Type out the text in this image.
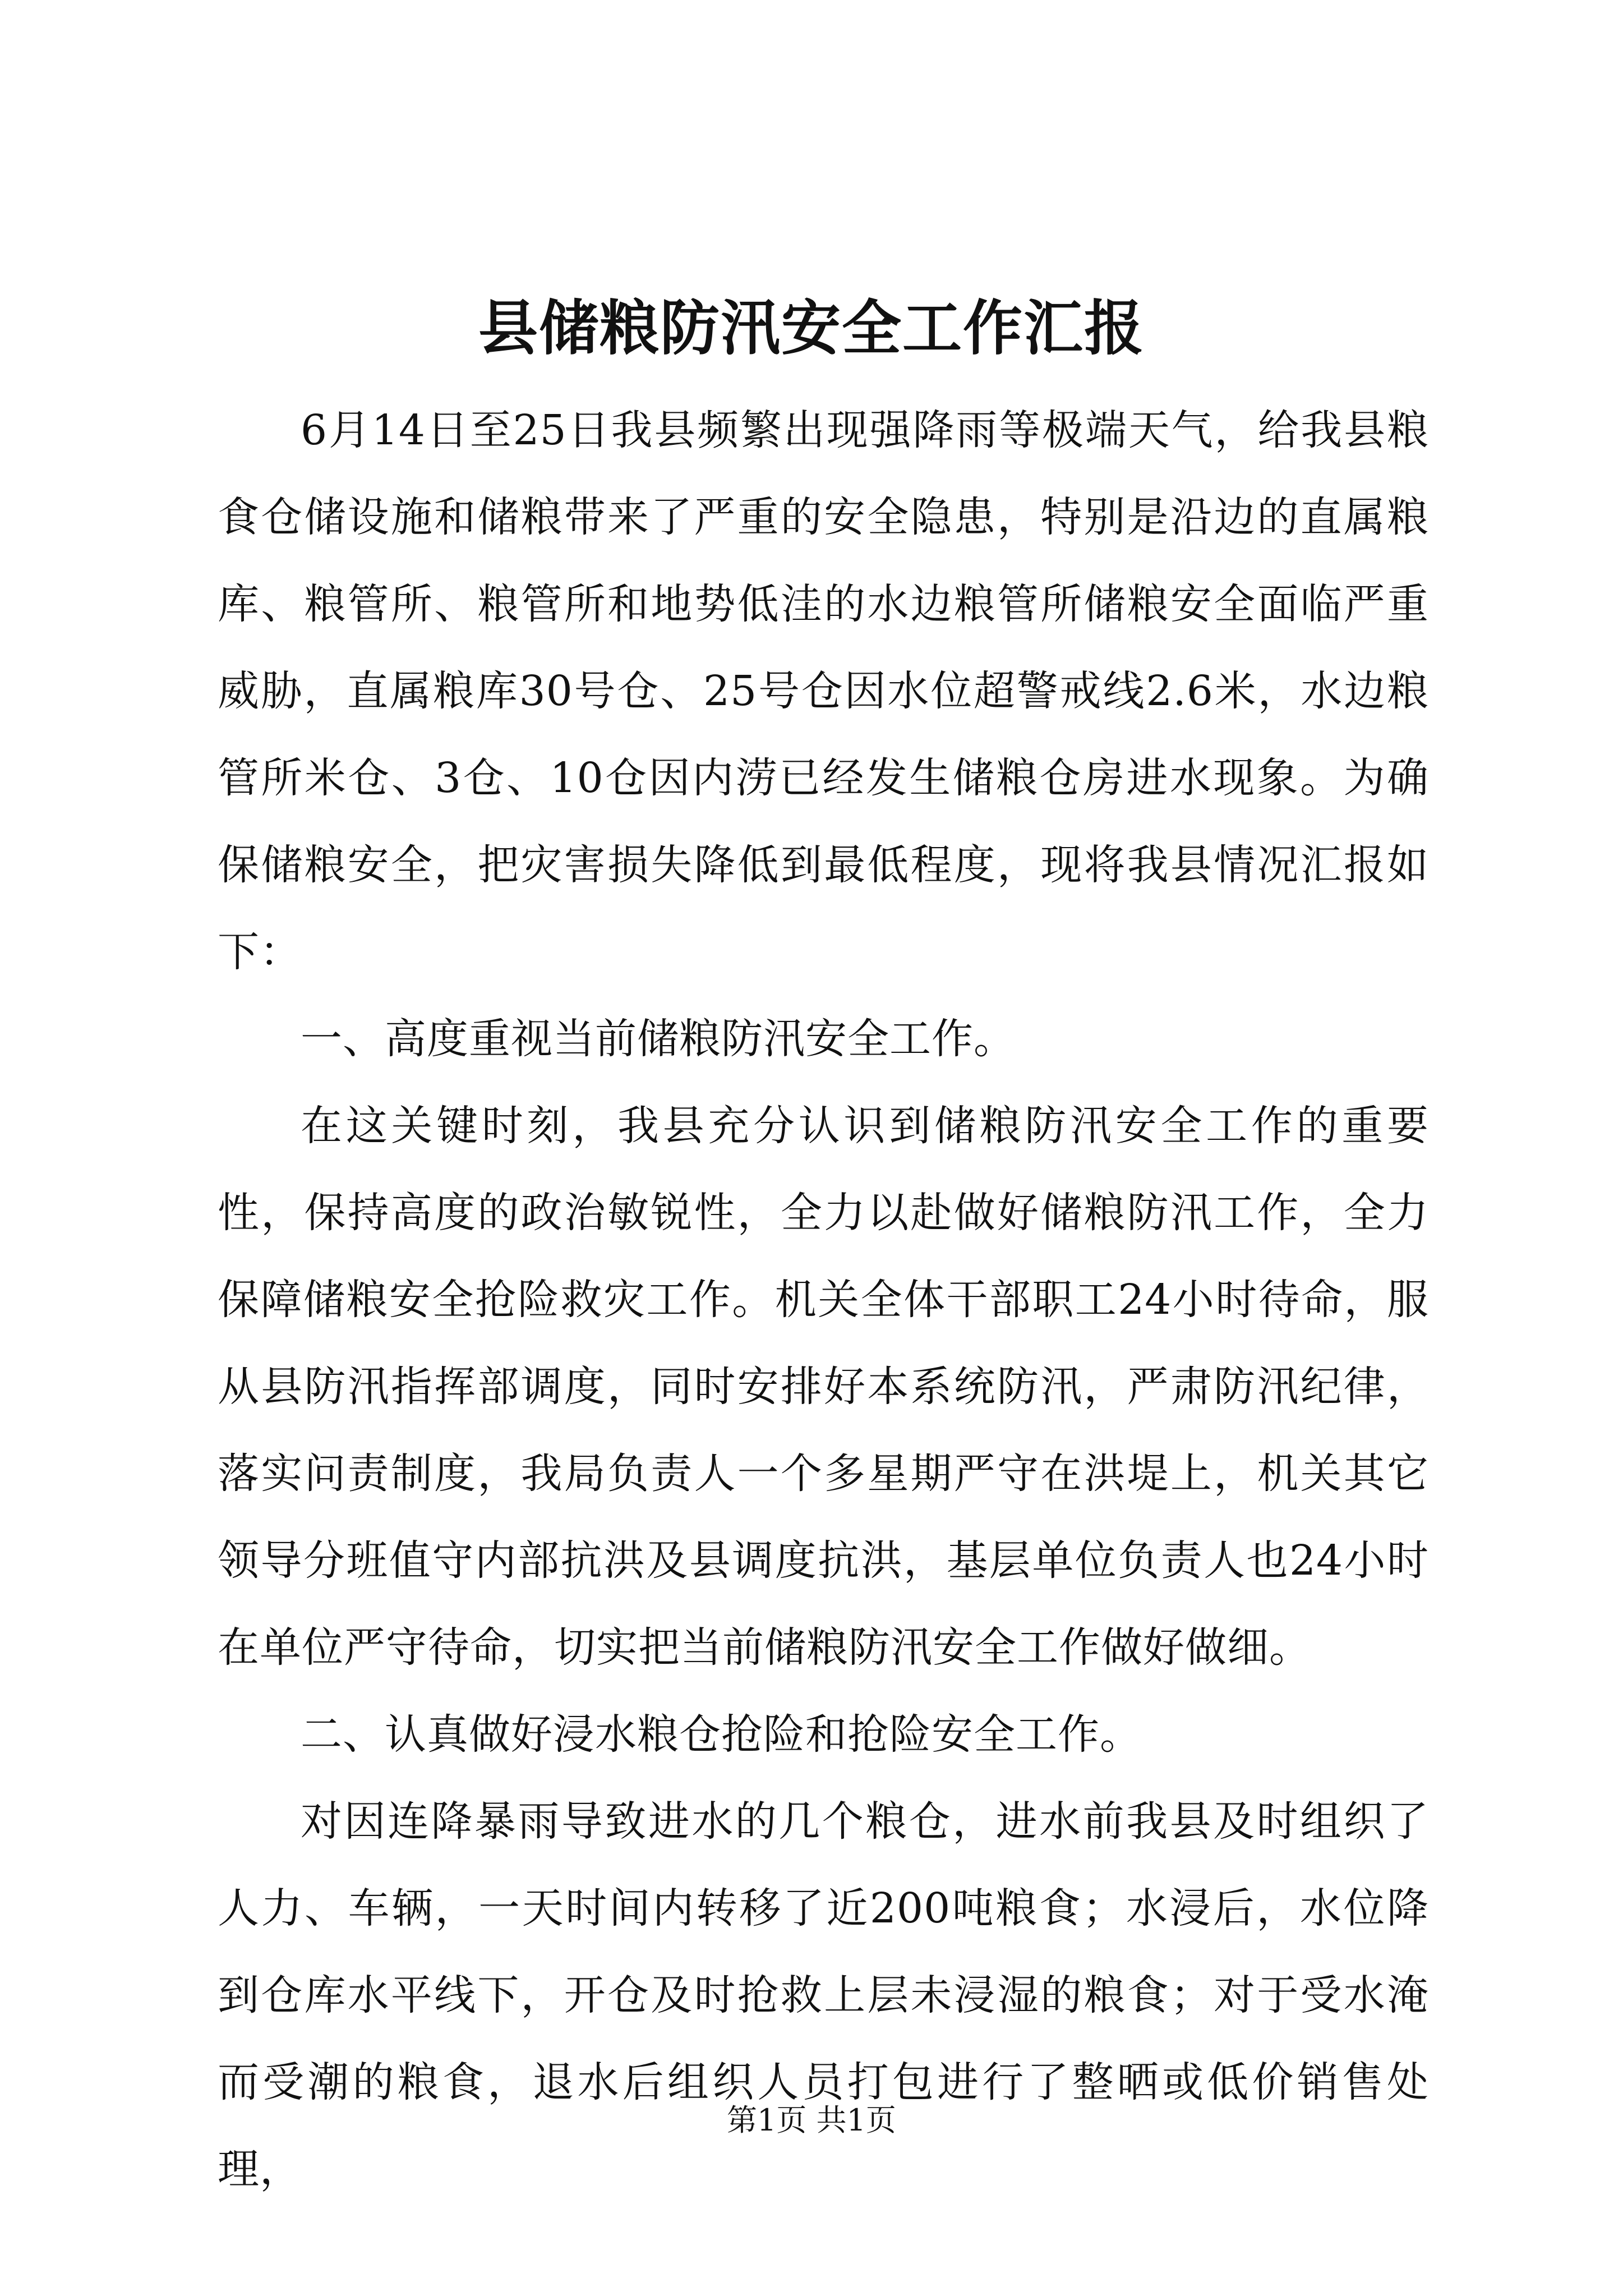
县储粮防汛安全工作汇报

6月14日至25日我县频繁出现强降雨等极端天气，给我县粮食仓储设施和储粮带来了严重的安全隐患，特别是沿边的直属粮库、粮管所、粮管所和地势低洼的水边粮管所储粮安全面临严重威胁，直属粮库30号仓、25号仓因水位超警戒线2.6米，水边粮管所米仓、3仓、10仓因内涝已经发生储粮仓房进水现象。为确保储粮安全，把灾害损失降低到最低程度，现将我县情况汇报如下：

一、高度重视当前储粮防汛安全工作。

在这关键时刻，我县充分认识到储粮防汛安全工作的重要性，保持高度的政治敏锐性，全力以赴做好储粮防汛工作，全力保障储粮安全抢险救灾工作。机关全体干部职工24小时待命，服从县防汛指挥部调度，同时安排好本系统防汛，严肃防汛纪律，落实问责制度，我局负责人一个多星期严守在洪堤上，机关其它领导分班值守内部抗洪及县调度抗洪，基层单位负责人也24小时在单位严守待命，切实把当前储粮防汛安全工作做好做细。

二、认真做好浸水粮仓抢险和抢险安全工作。

对因连降暴雨导致进水的几个粮仓，进水前我县及时组织了人力、车辆，一天时间内转移了近200吨粮食；水浸后，水位降到仓库水平线下，开仓及时抢救上层未浸湿的粮食；对于受水淹而受潮的粮食，退水后组织人员打包进行了整晒或低价销售处理，

第1页 共1页
